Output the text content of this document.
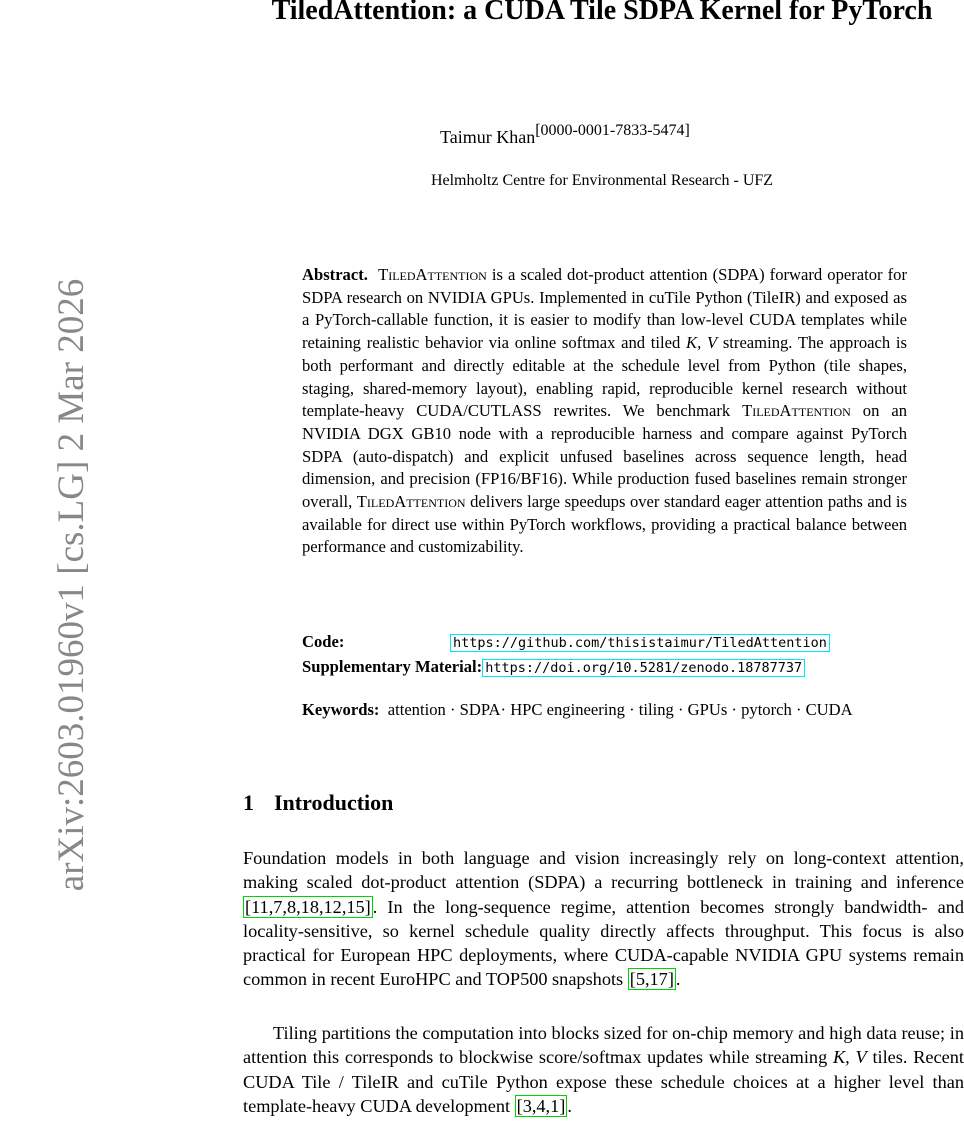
arXiv:2603.01960v1 [cs.LG] 2 Mar 2026
TiledAttention: a CUDA Tile SDPA Kernel for PyTorch
Taimur Khan[0000-0001-7833-5474]
Helmholtz Centre for Environmental Research - UFZ

Abstract. TiledAttention is a scaled dot-product attention (SDPA) forward operator for SDPA research on NVIDIA GPUs. Implemented in cuTile Python (TileIR) and exposed as a PyTorch-callable function, it is easier to modify than low-level CUDA templates while retaining realistic behavior via online softmax and tiled K, V streaming. The approach is both performant and directly editable at the schedule level from Python (tile shapes, staging, shared-memory layout), enabling rapid, reproducible kernel research without template-heavy CUDA/CUTLASS rewrites. We benchmark TiledAttention on an NVIDIA DGX GB10 node with a reproducible harness and compare against PyTorch SDPA (auto-dispatch) and explicit unfused baselines across sequence length, head dimension, and precision (FP16/BF16). While production fused baselines remain stronger overall, TiledAttention delivers large speedups over standard eager attention paths and is available for direct use within PyTorch workflows, providing a practical balance between performance and customizability.

Code:	https://github.com/thisistaimur/TiledAttention
Supplementary Material: https://doi.org/10.5281/zenodo.18787737

Keywords: attention · SDPA· HPC engineering · tiling · GPUs · pytorch · CUDA

1 Introduction

Foundation models in both language and vision increasingly rely on long-context attention, making scaled dot-product attention (SDPA) a recurring bottleneck in training and inference [11,7,8,18,12,15] . In the long-sequence regime, attention becomes strongly bandwidth- and locality-sensitive, so kernel schedule quality directly affects throughput. This focus is also practical for European HPC deployments, where CUDA-capable NVIDIA GPU systems remain common in recent EuroHPC and TOP500 snapshots [5,17] .

Tiling partitions the computation into blocks sized for on-chip memory and high data reuse; in attention this corresponds to blockwise score/softmax updates while streaming K, V tiles. Recent CUDA Tile / TileIR and cuTile Python expose these schedule choices at a higher level than template-heavy CUDA development [3,4,1] .
